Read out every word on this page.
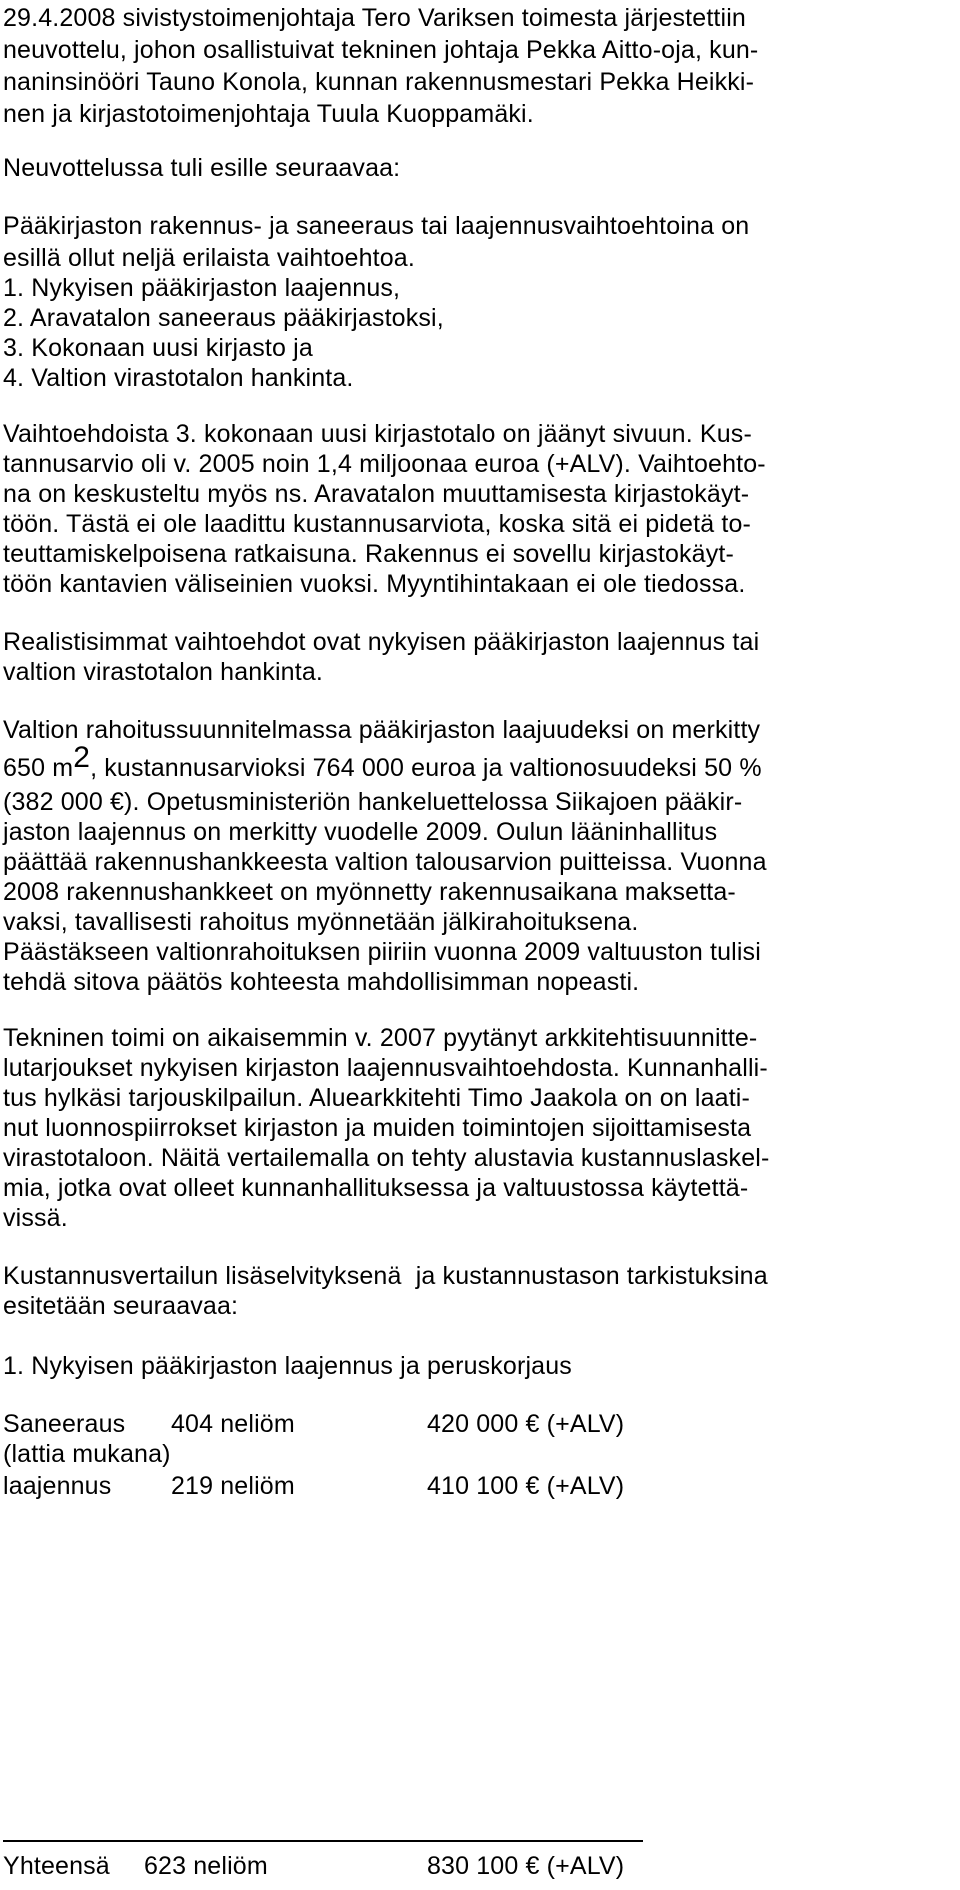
29.4.2008 sivistystoimenjohtaja Tero Variksen toimesta järjestettiin
neuvottelu, johon osallistuivat tekninen johtaja Pekka Aitto-oja, kun-
naninsinööri Tauno Konola, kunnan rakennusmestari Pekka Heikki-
nen ja kirjastotoimenjohtaja Tuula Kuoppamäki.
Neuvottelussa tuli esille seuraavaa:
Pääkirjaston rakennus- ja saneeraus tai laajennusvaihtoehtoina on
esillä ollut neljä erilaista vaihtoehtoa.
1. Nykyisen pääkirjaston laajennus,
2. Aravatalon saneeraus pääkirjastoksi,
3. Kokonaan uusi kirjasto ja
4. Valtion virastotalon hankinta.
Vaihtoehdoista 3. kokonaan uusi kirjastotalo on jäänyt sivuun. Kus-
tannusarvio oli v. 2005 noin 1,4 miljoonaa euroa (+ALV). Vaihtoehto-
na on keskusteltu myös ns. Aravatalon muuttamisesta kirjastokäyt-
töön. Tästä ei ole laadittu kustannusarviota, koska sitä ei pidetä to-
teuttamiskelpoisena ratkaisuna. Rakennus ei sovellu kirjastokäyt-
töön kantavien väliseinien vuoksi. Myyntihintakaan ei ole tiedossa.
Realistisimmat vaihtoehdot ovat nykyisen pääkirjaston laajennus tai
valtion virastotalon hankinta.
Valtion rahoitussuunnitelmassa pääkirjaston laajuudeksi on merkitty
650 m2, kustannusarvioksi 764 000 euroa ja valtionosuudeksi 50 %
(382 000 €). Opetusministeriön hankeluettelossa Siikajoen pääkir-
jaston laajennus on merkitty vuodelle 2009. Oulun lääninhallitus
päättää rakennushankkeesta valtion talousarvion puitteissa. Vuonna
2008 rakennushankkeet on myönnetty rakennusaikana maksetta-
vaksi, tavallisesti rahoitus myönnetään jälkirahoituksena.
Päästäkseen valtionrahoituksen piiriin vuonna 2009 valtuuston tulisi
tehdä sitova päätös kohteesta mahdollisimman nopeasti.
Tekninen toimi on aikaisemmin v. 2007 pyytänyt arkkitehtisuunnitte-
lutarjoukset nykyisen kirjaston laajennusvaihtoehdosta. Kunnanhalli-
tus hylkäsi tarjouskilpailun. Aluearkkitehti Timo Jaakola on on laati-
nut luonnospiirrokset kirjaston ja muiden toimintojen sijoittamisesta
virastotaloon. Näitä vertailemalla on tehty alustavia kustannuslaskel-
mia, jotka ovat olleet kunnanhallituksessa ja valtuustossa käytettä-
vissä.
Kustannusvertailun lisäselvityksenä  ja kustannustason tarkistuksina
esitetään seuraavaa:
1. Nykyisen pääkirjaston laajennus ja peruskorjaus
Saneeraus 404 neliöm	420 000 € (+ALV)
(lattia mukana)
laajennus 219 neliöm	410 100 € (+ALV)
Yhteensä 623 neliöm	830 100 € (+ALV)
